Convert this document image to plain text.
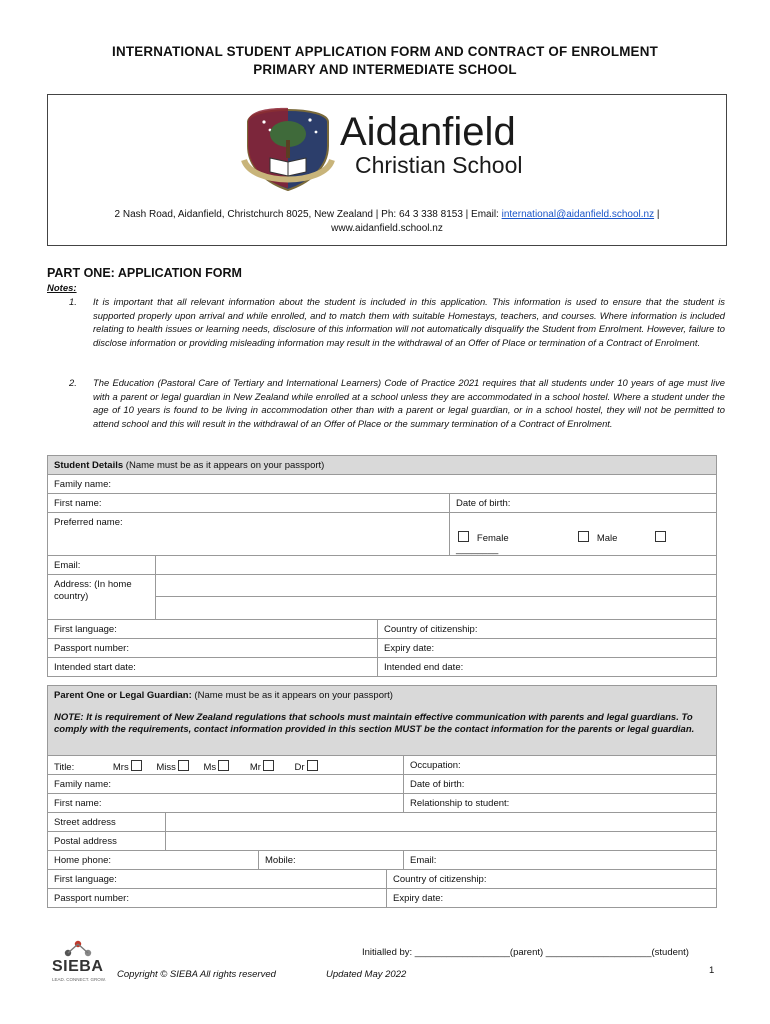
INTERNATIONAL STUDENT APPLICATION FORM AND CONTRACT OF ENROLMENT
PRIMARY AND INTERMEDIATE SCHOOL
Aidanfield
Christian School
2 Nash Road, Aidanfield, Christchurch 8025, New Zealand | Ph: 64 3 338 8153 | Email: international@aidanfield.school.nz |
www.aidanfield.school.nz
PART ONE: APPLICATION FORM
Notes:
1. It is important that all relevant information about the student is included in this application. This information is used to ensure that the student is supported properly upon arrival and while enrolled, and to match them with suitable Homestays, teachers, and courses. Where information is included relating to health issues or learning needs, disclosure of this information will not automatically disqualify the Student from Enrolment. However, failure to disclose information or providing misleading information may result in the withdrawal of an Offer of Place or termination of a Contract of Enrolment.
2. The Education (Pastoral Care of Tertiary and International Learners) Code of Practice 2021 requires that all students under 10 years of age must live with a parent or legal guardian in New Zealand while enrolled at a school unless they are accommodated in a school hostel. Where a student under the age of 10 years is found to be living in accommodation other than with a parent or legal guardian, or in a school hostel, they will not be permitted to attend school and this will result in the withdrawal of an Offer of Place or the summary termination of a Contract of Enrolment.
Student Details (Name must be as it appears on your passport)			
Family name:			
First name:			Date of birth:
Preferred name:			Female Male     ________
Email:			
Address: (In home country)			

First language:		Country of citizenship:	
Passport number:		Expiry date:	
Intended start date:		Intended end date:	
Parent One or Legal Guardian: (Name must be as it appears on your passport)
NOTE: It is requirement of New Zealand regulations that schools must maintain effective communication with parents and legal guardians. To comply with the requirements, contact information provided in this section MUST be the contact information for the parents or legal guardian.				

Title: Mrs Miss Ms Mr Dr				Occupation:
Family name:				Date of birth:
First name:				Relationship to student:
Street address				
Postal address				
Home phone:		Mobile:		Email:
First language:			Country of citizenship:	
Passport number:			Expiry date:	
Initialled by: __________________(parent) ____________________(student)
1
SIEBA
LEAD. CONNECT. GROW. Copyright © SIEBA All rights reserved	Updated May 2022
